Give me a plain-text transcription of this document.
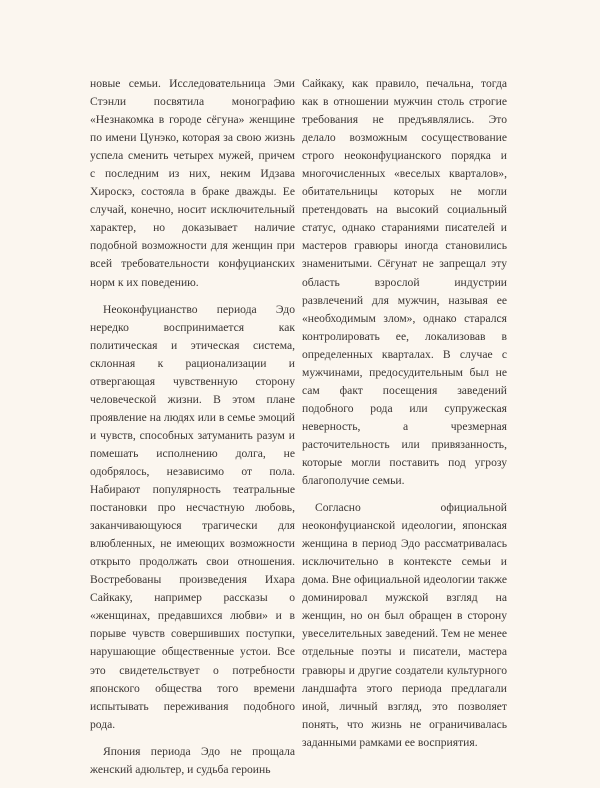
новые семьи. Исследовательница Эми Стэнли посвятила монографию «Незнакомка в городе сёгуна» женщине по имени Цунэко, которая за свою жизнь успела сменить четырех мужей, причем с последним из них, неким Идзава Хироскэ, состояла в браке дважды. Ее случай, конечно, носит исключительный характер, но доказывает наличие подобной возможности для женщин при всей требовательности конфуцианских норм к их поведению.

Неоконфуцианство периода Эдо нередко воспринимается как политическая и этическая система, склонная к рационализации и отвергающая чувственную сторону человеческой жизни. В этом плане проявление на людях или в семье эмоций и чувств, способных затуманить разум и помешать исполнению долга, не одобрялось, независимо от пола. Набирают популярность театральные постановки про несчастную любовь, заканчивающуюся трагически для влюбленных, не имеющих возможности открыто продолжать свои отношения. Востребованы произведения Ихара Сайкаку, например рассказы о «женщинах, предавшихся любви» и в порыве чувств совершивших поступки, нарушающие общественные устои. Все это свидетельствует о потребности японского общества того времени испытывать переживания подобного рода.

Япония периода Эдо не прощала женский адюльтер, и судьба героинь

Сайкаку, как правило, печальна, тогда как в отношении мужчин столь строгие требования не предъявлялись. Это делало возможным сосуществование строго неоконфуцианского порядка и многочисленных «веселых кварталов», обитательницы которых не могли претендовать на высокий социальный статус, однако стараниями писателей и мастеров гравюры иногда становились знаменитыми. Сёгунат не запрещал эту область взрослой индустрии развлечений для мужчин, называя ее «необходимым злом», однако старался контролировать ее, локализовав в определенных кварталах. В случае с мужчинами, предосудительным был не сам факт посещения заведений подобного рода или супружеская неверность, а чрезмерная расточительность или привязанность, которые могли поставить под угрозу благополучие семьи.

Согласно официальной неоконфуцианской идеологии, японская женщина в период Эдо рассматривалась исключительно в контексте семьи и дома. Вне официальной идеологии также доминировал мужской взгляд на женщин, но он был обращен в сторону увеселительных заведений. Тем не менее отдельные поэты и писатели, мастера гравюры и другие создатели культурного ландшафта этого периода предлагали иной, личный взгляд, это позволяет понять, что жизнь не ограничивалась заданными рамками ее восприятия.
